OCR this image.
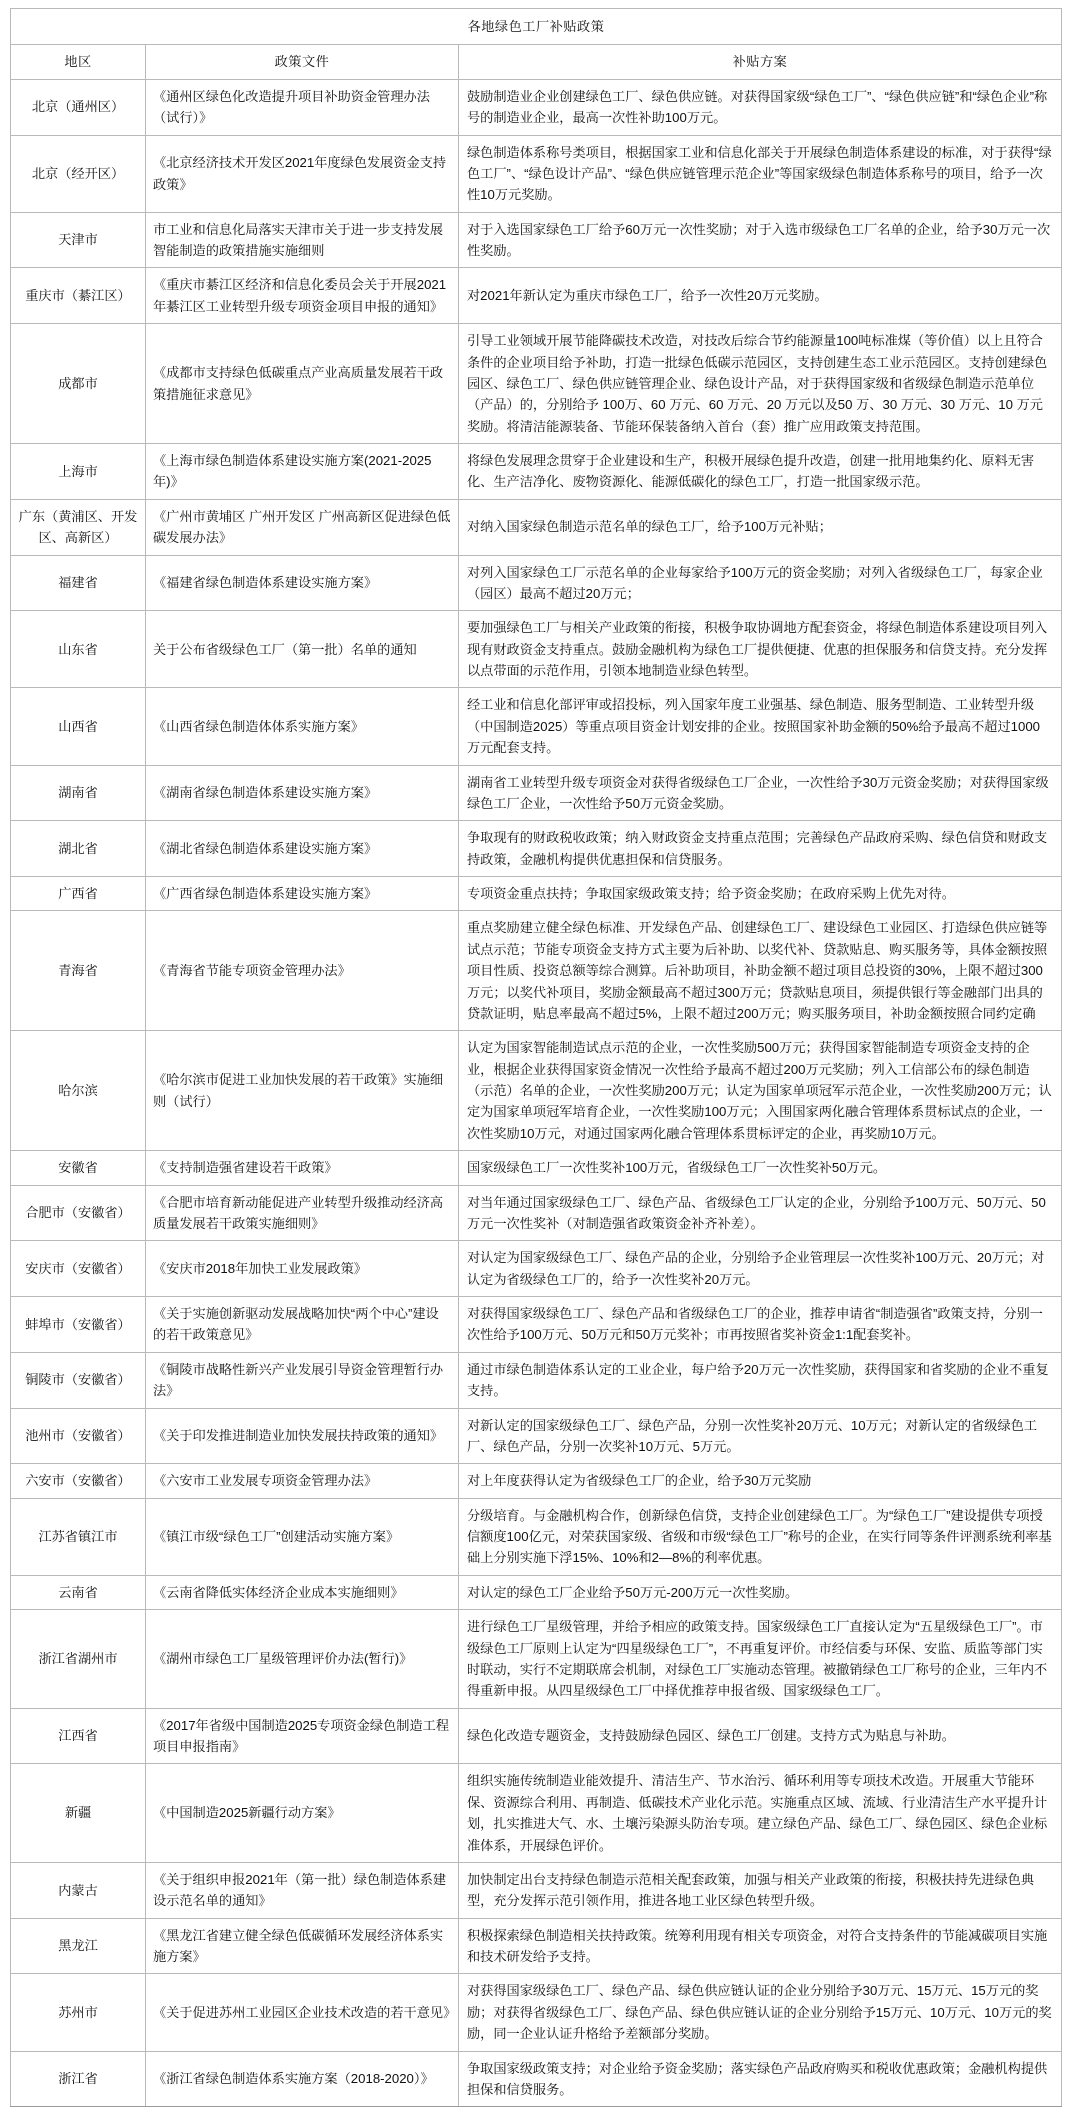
各地绿色工厂补贴政策		
地区	政策文件	补贴方案
北京（通州区）	《通州区绿色化改造提升项目补助资金管理办法（试行）》	鼓励制造业企业创建绿色工厂、绿色供应链。对获得国家级“绿色工厂”、“绿色供应链”和“绿色企业”称号的制造业企业，最高一次性补助100万元。
北京（经开区）	《北京经济技术开发区2021年度绿色发展资金支持政策》	绿色制造体系称号类项目，根据国家工业和信息化部关于开展绿色制造体系建设的标准，对于获得“绿色工厂”、“绿色设计产品”、“绿色供应链管理示范企业”等国家级绿色制造体系称号的项目，给予一次性10万元奖励。
天津市	市工业和信息化局落实天津市关于进一步支持发展智能制造的政策措施实施细则	对于入选国家绿色工厂给予60万元一次性奖励；对于入选市级绿色工厂名单的企业，给予30万元一次性奖励。
重庆市（綦江区）	《重庆市綦江区经济和信息化委员会关于开展2021年綦江区工业转型升级专项资金项目申报的通知》	对2021年新认定为重庆市绿色工厂，给予一次性20万元奖励。
成都市	《成都市支持绿色低碳重点产业高质量发展若干政策措施征求意见》	引导工业领域开展节能降碳技术改造，对技改后综合节约能源量100吨标准煤（等价值）以上且符合条件的企业项目给予补助，打造一批绿色低碳示范园区，支持创建生态工业示范园区。支持创建绿色园区、绿色工厂、绿色供应链管理企业、绿色设计产品，对于获得国家级和省级绿色制造示范单位（产品）的，分别给予 100万、60 万元、60 万元、20 万元以及50 万、30 万元、30 万元、10 万元奖励。将清洁能源装备、节能环保装备纳入首台（套）推广应用政策支持范围。
上海市	《上海市绿色制造体系建设实施方案(2021-2025年)》	将绿色发展理念贯穿于企业建设和生产，积极开展绿色提升改造，创建一批用地集约化、原料无害化、生产洁净化、废物资源化、能源低碳化的绿色工厂，打造一批国家级示范。
广东（黄浦区、开发区、高新区）	《广州市黄埔区 广州开发区 广州高新区促进绿色低碳发展办法》	对纳入国家绿色制造示范名单的绿色工厂，给予100万元补贴；
福建省	《福建省绿色制造体系建设实施方案》	对列入国家绿色工厂示范名单的企业每家给予100万元的资金奖励；对列入省级绿色工厂，每家企业（园区）最高不超过20万元；
山东省	关于公布省级绿色工厂（第一批）名单的通知	要加强绿色工厂与相关产业政策的衔接，积极争取协调地方配套资金，将绿色制造体系建设项目列入现有财政资金支持重点。鼓励金融机构为绿色工厂提供便捷、优惠的担保服务和信贷支持。充分发挥以点带面的示范作用，引领本地制造业绿色转型。
山西省	《山西省绿色制造体体系实施方案》	经工业和信息化部评审或招投标，列入国家年度工业强基、绿色制造、服务型制造、工业转型升级（中国制造2025）等重点项目资金计划安排的企业。按照国家补助金额的50%给予最高不超过1000万元配套支持。
湖南省	《湖南省绿色制造体系建设实施方案》	湖南省工业转型升级专项资金对获得省级绿色工厂企业，一次性给予30万元资金奖励；对获得国家级绿色工厂企业，一次性给予50万元资金奖励。
湖北省	《湖北省绿色制造体系建设实施方案》	争取现有的财政税收政策；纳入财政资金支持重点范围；完善绿色产品政府采购、绿色信贷和财政支持政策，金融机构提供优惠担保和信贷服务。
广西省	《广西省绿色制造体系建设实施方案》	专项资金重点扶持；争取国家级政策支持；给予资金奖励；在政府采购上优先对待。
青海省	《青海省节能专项资金管理办法》	重点奖励建立健全绿色标准、开发绿色产品、创建绿色工厂、建设绿色工业园区、打造绿色供应链等试点示范；节能专项资金支持方式主要为后补助、以奖代补、贷款贴息、购买服务等，具体金额按照项目性质、投资总额等综合测算。后补助项目，补助金额不超过项目总投资的30%，上限不超过300万元；以奖代补项目，奖励金额最高不超过300万元；贷款贴息项目，须提供银行等金融部门出具的贷款证明，贴息率最高不超过5%，上限不超过200万元；购买服务项目，补助金额按照合同约定确
哈尔滨	《哈尔滨市促进工业加快发展的若干政策》实施细则（试行）	认定为国家智能制造试点示范的企业，一次性奖励500万元；获得国家智能制造专项资金支持的企业，根据企业获得国家资金情况一次性给予最高不超过200万元奖励；列入工信部公布的绿色制造（示范）名单的企业，一次性奖励200万元；认定为国家单项冠军示范企业，一次性奖励200万元；认定为国家单项冠军培育企业，一次性奖励100万元；入围国家两化融合管理体系贯标试点的企业，一次性奖励10万元，对通过国家两化融合管理体系贯标评定的企业，再奖励10万元。
安徽省	《支持制造强省建设若干政策》	国家级绿色工厂一次性奖补100万元，省级绿色工厂一次性奖补50万元。
合肥市（安徽省）	《合肥市培育新动能促进产业转型升级推动经济高质量发展若干政策实施细则》	对当年通过国家级绿色工厂、绿色产品、省级绿色工厂认定的企业，分别给予100万元、50万元、50万元一次性奖补（对制造强省政策资金补齐补差）。
安庆市（安徽省）	《安庆市2018年加快工业发展政策》	对认定为国家级绿色工厂、绿色产品的企业，分别给予企业管理层一次性奖补100万元、20万元；对认定为省级绿色工厂的，给予一次性奖补20万元。
蚌埠市（安徽省）	《关于实施创新驱动发展战略加快“两个中心”建设的若干政策意见》	对获得国家级绿色工厂、绿色产品和省级绿色工厂的企业，推荐申请省“制造强省”政策支持，分别一次性给予100万元、50万元和50万元奖补；市再按照省奖补资金1:1配套奖补。
铜陵市（安徽省）	《铜陵市战略性新兴产业发展引导资金管理暂行办法》	通过市绿色制造体系认定的工业企业，每户给予20万元一次性奖励，获得国家和省奖励的企业不重复支持。
池州市（安徽省）	《关于印发推进制造业加快发展扶持政策的通知》	对新认定的国家级绿色工厂、绿色产品，分别一次性奖补20万元、10万元；对新认定的省级绿色工厂、绿色产品，分别一次奖补10万元、5万元。
六安市（安徽省）	《六安市工业发展专项资金管理办法》	对上年度获得认定为省级绿色工厂的企业，给予30万元奖励
江苏省镇江市	《镇江市级“绿色工厂”创建活动实施方案》	分级培育。与金融机构合作，创新绿色信贷，支持企业创建绿色工厂。为“绿色工厂”建设提供专项授信额度100亿元，对荣获国家级、省级和市级“绿色工厂”称号的企业，在实行同等条件评测系统利率基础上分别实施下浮15%、10%和2—8%的利率优惠。
云南省	《云南省降低实体经济企业成本实施细则》	对认定的绿色工厂企业给予50万元-200万元一次性奖励。
浙江省湖州市	《湖州市绿色工厂星级管理评价办法(暂行)》	进行绿色工厂星级管理，并给予相应的政策支持。国家级绿色工厂直接认定为“五星级绿色工厂”。市级绿色工厂原则上认定为“四星级绿色工厂”，不再重复评价。市经信委与环保、安监、质监等部门实时联动，实行不定期联席会机制，对绿色工厂实施动态管理。被撤销绿色工厂称号的企业，三年内不得重新申报。从四星级绿色工厂中择优推荐申报省级、国家级绿色工厂。
江西省	《2017年省级中国制造2025专项资金绿色制造工程项目申报指南》	绿色化改造专题资金，支持鼓励绿色园区、绿色工厂创建。支持方式为贴息与补助。
新疆	《中国制造2025新疆行动方案》	组织实施传统制造业能效提升、清洁生产、节水治污、循环利用等专项技术改造。开展重大节能环保、资源综合利用、再制造、低碳技术产业化示范。实施重点区域、流域、行业清洁生产水平提升计划，扎实推进大气、水、土壤污染源头防治专项。建立绿色产品、绿色工厂、绿色园区、绿色企业标准体系，开展绿色评价。
内蒙古	《关于组织申报2021年（第一批）绿色制造体系建设示范名单的通知》	加快制定出台支持绿色制造示范相关配套政策，加强与相关产业政策的衔接，积极扶持先进绿色典型，充分发挥示范引领作用，推进各地工业区绿色转型升级。
黑龙江	《黑龙江省建立健全绿色低碳循环发展经济体系实施方案》	积极探索绿色制造相关扶持政策。统筹利用现有相关专项资金，对符合支持条件的节能减碳项目实施和技术研发给予支持。
苏州市	《关于促进苏州工业园区企业技术改造的若干意见》	对获得国家级绿色工厂、绿色产品、绿色供应链认证的企业分别给予30万元、15万元、15万元的奖励；对获得省级绿色工厂、绿色产品、绿色供应链认证的企业分别给予15万元、10万元、10万元的奖励，同一企业认证升格给予差额部分奖励。
浙江省	《浙江省绿色制造体系实施方案（2018-2020）》	争取国家级政策支持；对企业给予资金奖励；落实绿色产品政府购买和税收优惠政策；金融机构提供担保和信贷服务。
